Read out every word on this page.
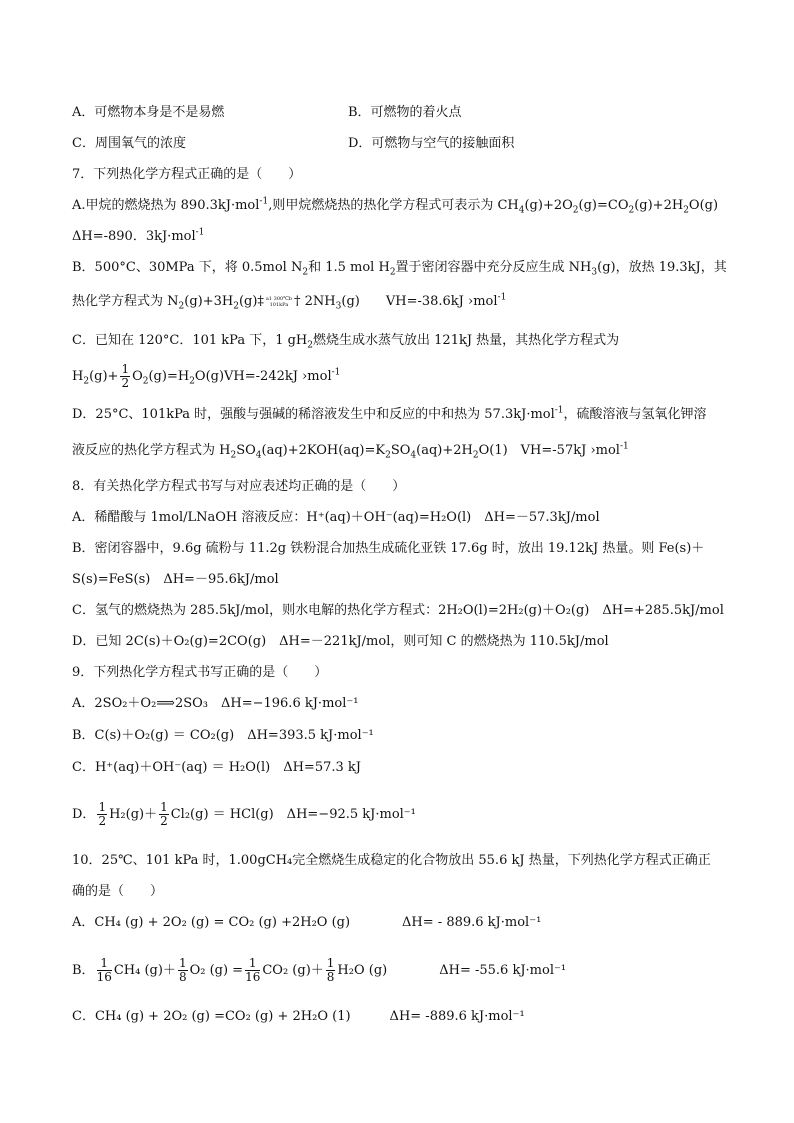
A．可燃物本身是不是易燃	B．可燃物的着火点
C．周围氧气的浓度	D．可燃物与空气的接触面积
7．下列热化学方程式正确的是（　　）
A.甲烷的燃烧热为 890.3kJ·mol$^{-1}$,则甲烷燃烧热的热化学方程式可表示为 $CH_4(g)+2O_2(g)=CO_2(g)+2H_2O(g)$
ΔH=-890．3kJ·mol$^{-1}$
B．500°C、30MPa 下，将 0.5mol $N_2$和 1.5 mol $H_2$置于密闭容器中充分反应生成 $NH_3(g)$，放热 19.3kJ，其
热化学方程式为 $N_2(g)+3H_2(g)\ddagger$ a1 300℃b
101kPa † $2NH_3(g)$　　VH=-38.6kJ ›mol$^{-1}$
C．已知在 120°C．101 kPa 下，1 $gH_2$燃烧生成水蒸气放出 121kJ 热量，其热化学方程式为
$H_2(g)+ \frac{1}{2} O_2(g)=H_2O(g)VH=-242kJ$ ›mol$^{-1}$
D．25°C、101kPa 时，强酸与强碱的稀溶液发生中和反应的中和热为 57.3kJ·mol$^{-1}$，硫酸溶液与氢氧化钾溶
液反应的热化学方程式为 $H_2SO_4(aq)+2KOH(aq)=K_2SO_4(aq)+2H_2O(1)$　VH=-57kJ ›mol$^{-1}$
8．有关热化学方程式书写与对应表述均正确的是（　　）
A．稀醋酸与 1mol/LNaOH 溶液反应：H⁺(aq)＋OH⁻(aq)=H₂O(l)　ΔH=－57.3kJ/mol
B．密闭容器中，9.6g 硫粉与 11.2g 铁粉混合加热生成硫化亚铁 17.6g 时，放出 19.12kJ 热量。则 Fe(s)＋
S(s)=FeS(s)　ΔH=－95.6kJ/mol
C．氢气的燃烧热为 285.5kJ/mol，则水电解的热化学方程式：2H₂O(l)=2H₂(g)＋O₂(g)　ΔH=+285.5kJ/mol
D．已知 2C(s)＋O₂(g)=2CO(g)　ΔH=－221kJ/mol，则可知 C 的燃烧热为 110.5kJ/mol
9．下列热化学方程式书写正确的是（　　）
A．2SO₂＋O₂⟹2SO₃　ΔH=−196.6 kJ·mol⁻¹
B．C(s)＋O₂(g) ＝ CO₂(g)　ΔH=393.5 kJ·mol⁻¹
C．H⁺(aq)＋OH⁻(aq) ＝ H₂O(l)　ΔH=57.3 kJ
D． $\frac{1}{2} H_2(g)+ \frac{1}{2} Cl_2(g) = HCl(g)$　ΔH=−92.5 kJ·mol⁻¹
10．25℃、101 kPa 时，1.00gCH₄完全燃烧生成稳定的化合物放出 55.6 kJ 热量，下列热化学方程式正确正
确的是（　　）
A．CH₄ (g) + 2O₂ (g) = CO₂ (g) +2H₂O (g)　　　　ΔH= - 889.6 kJ·mol⁻¹
B． $\frac{1}{16} CH_4$ $(g)+ \frac{1}{8} O_2$ $(g) = \frac{1}{16} CO_2$ $(g)+ \frac{1}{8} H_2O$ (g)　　　　ΔH= -55.6 kJ·mol⁻¹
C．CH₄ (g) + 2O₂ (g) =CO₂ (g) + 2H₂O (1)　　　ΔH= -889.6 kJ·mol⁻¹
